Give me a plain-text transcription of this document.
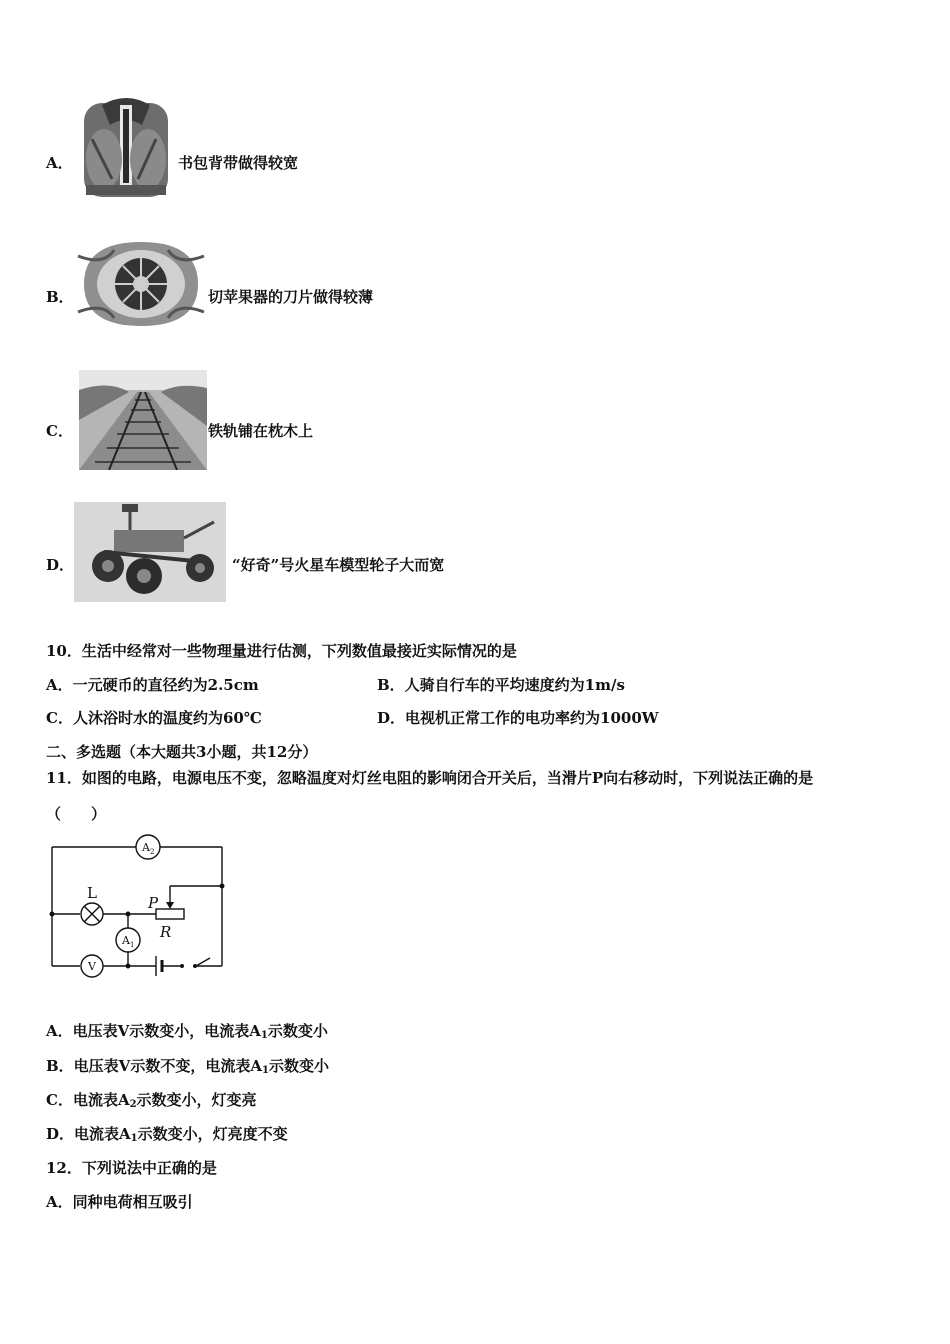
A．	书包背带做得较宽
B．	切苹果器的刀片做得较薄
C．	铁轨铺在枕木上
D．	“好奇”号火星车模型轮子大而宽
10．生活中经常对一些物理量进行估测，下列数值最接近实际情况的是
A．一元硬币的直径约为2.5cm	B．人骑自行车的平均速度约为1m/s
C．人沐浴时水的温度约为60℃	D．电视机正常工作的电功率约为1000W
二、多选题（本大题共3小题，共12分）
11．如图的电路，电源电压不变，忽略温度对灯丝电阻的影响闭合开关后，当滑片P向右移动时，下列说法正确的是
（　　）
A 2
A 1
V
L
P
R
A．电压表V示数变小，电流表$A_1$示数变小
B．电压表V示数不变，电流表$A_1$示数变小
C．电流表$A_2$示数变小，灯变亮
D．电流表$A_1$示数变小，灯亮度不变
12．下列说法中正确的是
A．同种电荷相互吸引
